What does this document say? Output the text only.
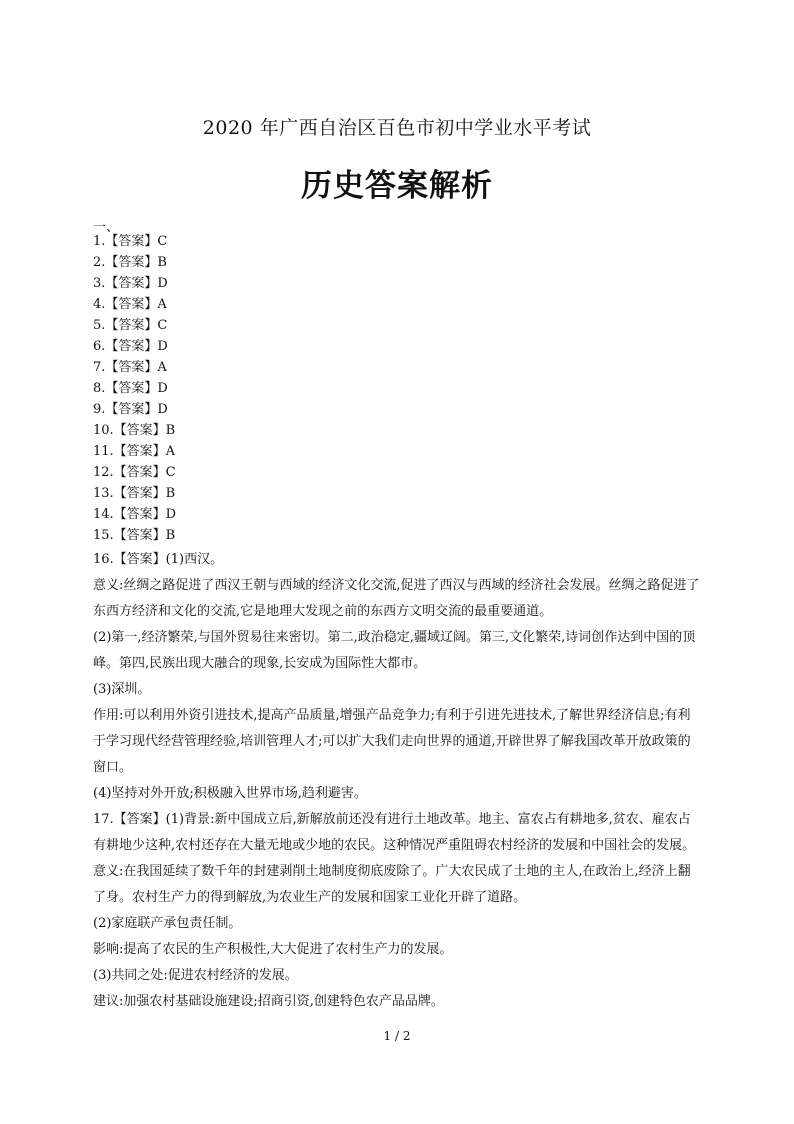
2020 年广西自治区百色市初中学业水平考试
历史答案解析
一、
1.【答案】C
2.【答案】B
3.【答案】D
4.【答案】A
5.【答案】C
6.【答案】D
7.【答案】A
8.【答案】D
9.【答案】D
10.【答案】B
11.【答案】A
12.【答案】C
13.【答案】B
14.【答案】D
15.【答案】B

16.【答案】(1)西汉。

意义:丝绸之路促进了西汉王朝与西域的经济文化交流,促进了西汉与西域的经济社会发展。丝绸之路促进了东西方经济和文化的交流,它是地理大发现之前的东西方文明交流的最重要通道。

(2)第一,经济繁荣,与国外贸易往来密切。第二,政治稳定,疆域辽阔。第三,文化繁荣,诗词创作达到中国的顶峰。第四,民族出现大融合的现象,长安成为国际性大都市。

(3)深圳。

作用:可以利用外资引进技术,提高产品质量,增强产品竞争力;有利于引进先进技术,了解世界经济信息;有利于学习现代经营管理经验,培训管理人才;可以扩大我们走向世界的通道,开辟世界了解我国改革开放政策的窗口。

(4)坚持对外开放;积极融入世界市场,趋利避害。

17.【答案】(1)背景:新中国成立后,新解放前还没有进行土地改革。地主、富农占有耕地多,贫农、雇农占有耕地少这种,农村还存在大量无地或少地的农民。这种情况严重阻碍农村经济的发展和中国社会的发展。

意义:在我国延续了数千年的封建剥削土地制度彻底废除了。广大农民成了土地的主人,在政治上,经济上翻了身。农村生产力的得到解放,为农业生产的发展和国家工业化开辟了道路。

(2)家庭联产承包责任制。

影响:提高了农民的生产积极性,大大促进了农村生产力的发展。

(3)共同之处:促进农村经济的发展。

建议:加强农村基础设施建设;招商引资,创建特色农产品品牌。

1 / 2
